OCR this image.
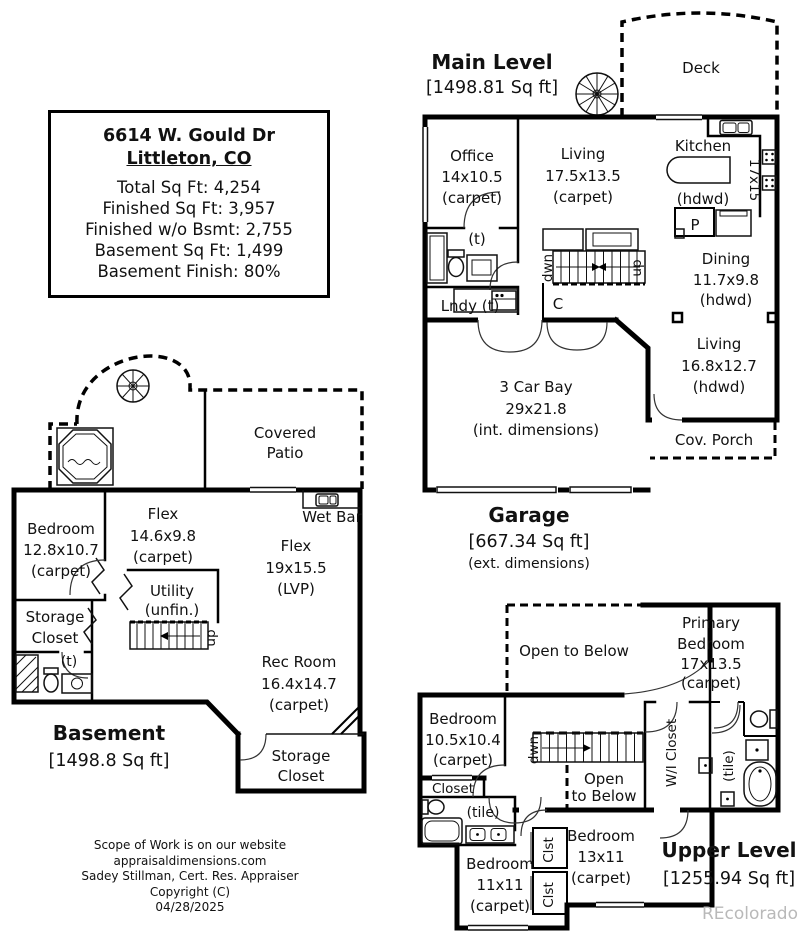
Main Level
[1498.81 Sq ft]
Deck
Office
14x10.5
(carpet)
Living
17.5x13.5
(carpet)
Kitchen
(hdwd) 17x15
P
Dining
11.7x9.8
(hdwd)
Living
16.8x12.7
(hdwd)
Lndy (t)
(t)
C
dwn	up
3 Car Bay
29x21.8
(int. dimensions)
Cov. Porch
Garage
[667.34 Sq ft]
(ext. dimensions)
Covered
Patio
Bedroom
12.8x10.7
(carpet)
Flex
14.6x9.8
(carpet)
Flex
19x15.5
(LVP)
Utility
(unfin.)
Wet Bar
Storage
Closet
(t)
up
Rec Room
16.4x14.7
(carpet)
Storage
Closet
Basement
[1498.8 Sq ft]
Open to Below
Primary
Bedroom
17x13.5
(carpet)
Bedroom
10.5x10.4
(carpet) dwn
Open
to Below
W/I Closet	(tile)
Closet
(tile)
Clst
Clst
Bedroom
11x11
(carpet)
Bedroom
13x11
(carpet)
Upper Level
[1255.94 Sq ft]
6614 W. Gould Dr
Littleton, CO
Total Sq Ft: 4,254
Finished Sq Ft: 3,957
Finished w/o Bsmt: 2,755
Basement Sq Ft: 1,499
Basement Finish: 80%
Scope of Work is on our website
appraisaldimensions.com
Sadey Stillman, Cert. Res. Appraiser
Copyright (C)
04/28/2025	REcolorado
